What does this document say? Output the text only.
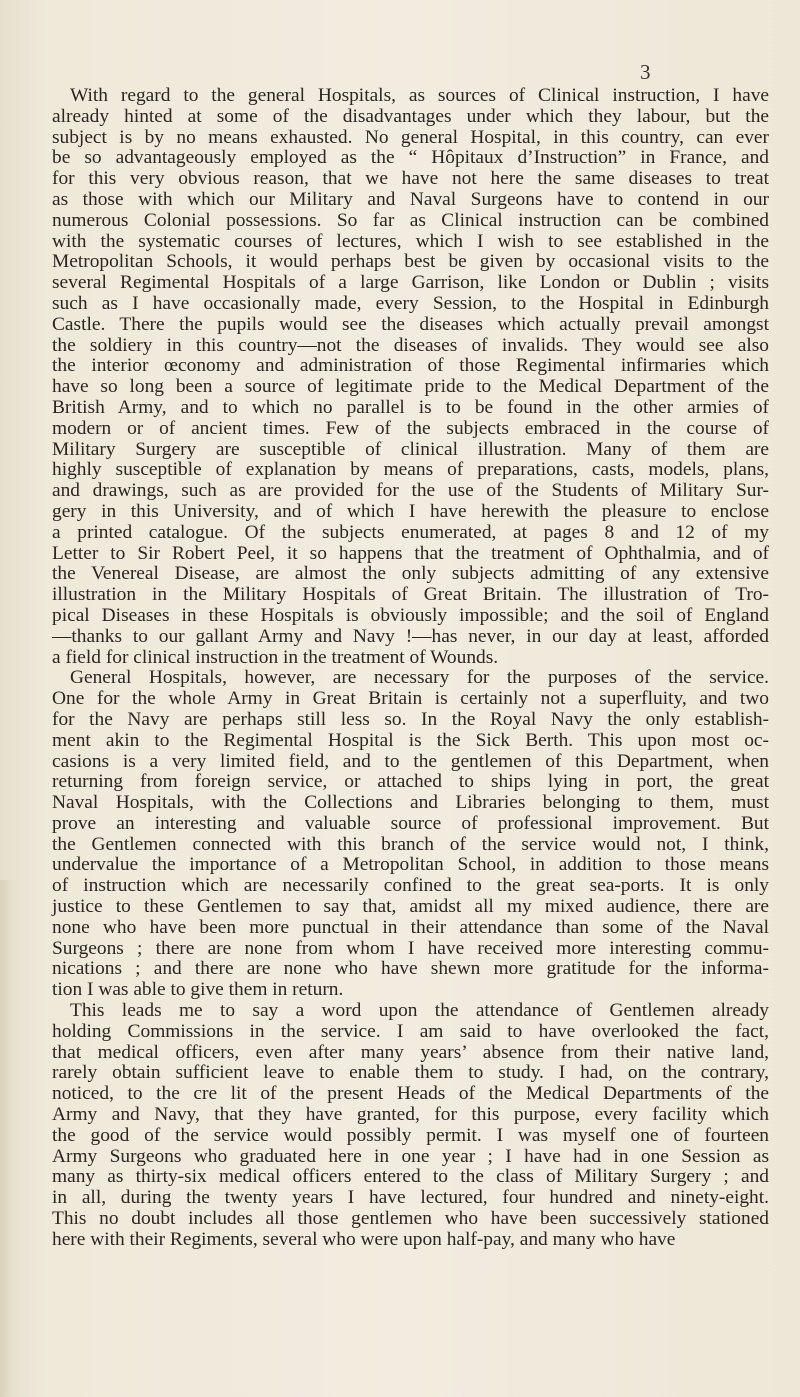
3
With regard to the general Hospitals, as sources of Clinical instruction, I have
already hinted at some of the disadvantages under which they labour, but the
subject is by no means exhausted. No general Hospital, in this country, can ever
be so advantageously employed as the “ Hôpitaux d’Instruction” in France, and
for this very obvious reason, that we have not here the same diseases to treat
as those with which our Military and Naval Surgeons have to contend in our
numerous Colonial possessions. So far as Clinical instruction can be combined
with the systematic courses of lectures, which I wish to see established in the
Metropolitan Schools, it would perhaps best be given by occasional visits to the
several Regimental Hospitals of a large Garrison, like London or Dublin ; visits
such as I have occasionally made, every Session, to the Hospital in Edinburgh
Castle. There the pupils would see the diseases which actually prevail amongst
the soldiery in this country—not the diseases of invalids. They would see also
the interior œconomy and administration of those Regimental infirmaries which
have so long been a source of legitimate pride to the Medical Department of the
British Army, and to which no parallel is to be found in the other armies of
modern or of ancient times. Few of the subjects embraced in the course of
Military Surgery are susceptible of clinical illustration. Many of them are
highly susceptible of explanation by means of preparations, casts, models, plans,
and drawings, such as are provided for the use of the Students of Military Sur-
gery in this University, and of which I have herewith the pleasure to enclose
a printed catalogue. Of the subjects enumerated, at pages 8 and 12 of my
Letter to Sir Robert Peel, it so happens that the treatment of Ophthalmia, and of
the Venereal Disease, are almost the only subjects admitting of any extensive
illustration in the Military Hospitals of Great Britain. The illustration of Tro-
pical Diseases in these Hospitals is obviously impossible; and the soil of England
—thanks to our gallant Army and Navy !—has never, in our day at least, afforded
a field for clinical instruction in the treatment of Wounds.
General Hospitals, however, are necessary for the purposes of the service.
One for the whole Army in Great Britain is certainly not a superfluity, and two
for the Navy are perhaps still less so. In the Royal Navy the only establish-
ment akin to the Regimental Hospital is the Sick Berth. This upon most oc-
casions is a very limited field, and to the gentlemen of this Department, when
returning from foreign service, or attached to ships lying in port, the great
Naval Hospitals, with the Collections and Libraries belonging to them, must
prove an interesting and valuable source of professional improvement. But
the Gentlemen connected with this branch of the service would not, I think,
undervalue the importance of a Metropolitan School, in addition to those means
of instruction which are necessarily confined to the great sea-ports. It is only
justice to these Gentlemen to say that, amidst all my mixed audience, there are
none who have been more punctual in their attendance than some of the Naval
Surgeons ; there are none from whom I have received more interesting commu-
nications ; and there are none who have shewn more gratitude for the informa-
tion I was able to give them in return.
This leads me to say a word upon the attendance of Gentlemen already
holding Commissions in the service. I am said to have overlooked the fact,
that medical officers, even after many years’ absence from their native land,
rarely obtain sufficient leave to enable them to study. I had, on the contrary,
noticed, to the cre lit of the present Heads of the Medical Departments of the
Army and Navy, that they have granted, for this purpose, every facility which
the good of the service would possibly permit. I was myself one of fourteen
Army Surgeons who graduated here in one year ; I have had in one Session as
many as thirty-six medical officers entered to the class of Military Surgery ; and
in all, during the twenty years I have lectured, four hundred and ninety-eight.
This no doubt includes all those gentlemen who have been successively stationed
here with their Regiments, several who were upon half-pay, and many who have
